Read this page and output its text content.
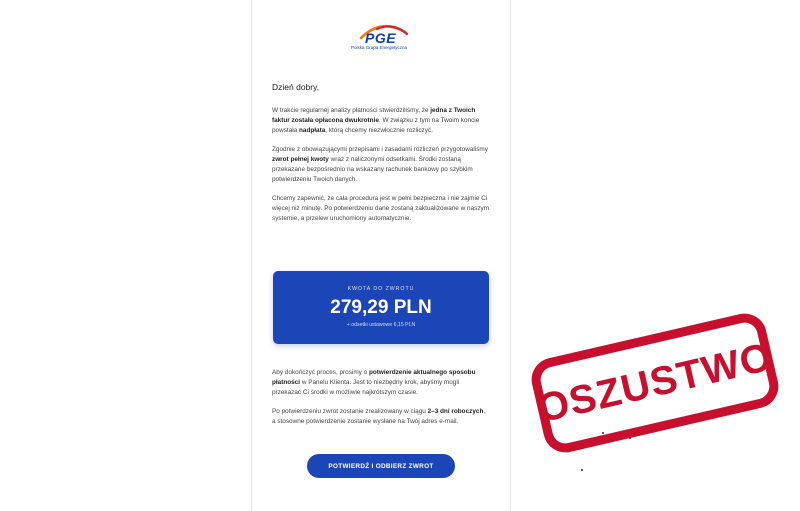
PGE
Polska Grupa Energetyczna

Dzień dobry,

W trakcie regularnej analizy płatności stwierdziliśmy, że jedna z Twoich faktur została opłacona dwukrotnie. W związku z tym na Twoim koncie powstała nadpłata, którą chcemy niezwłocznie rozliczyć.

Zgodnie z obowiązującymi przepisami i zasadami rozliczeń przygotowaliśmy zwrot pełnej kwoty wraz z naliczonymi odsetkami. Środki zostaną przekazane bezpośrednio na wskazany rachunek bankowy po szybkim potwierdzeniu Twoich danych.

Chcemy zapewnić, że cała procedura jest w pełni bezpieczna i nie zajmie Ci więcej niż minutę. Po potwierdzeniu dane zostaną zaktualizowane w naszym systemie, a przelew uruchomiony automatycznie.

KWOTA DO ZWROTU
279,29 PLN
+ odsetki ustawowe 6,15 PLN

Aby dokończyć proces, prosimy o potwierdzenie aktualnego sposobu płatności w Panelu Klienta. Jest to niezbędny krok, abyśmy mogli przekazać Ci środki w możliwie najkrótszym czasie.

Po potwierdzeniu zwrot zostanie zrealizowany w ciągu 2–3 dni roboczych, a stosowne potwierdzenie zostanie wysłane na Twój adres e-mail.

POTWIERDŹ I ODBIERZ ZWROT
OSZUSTWO
